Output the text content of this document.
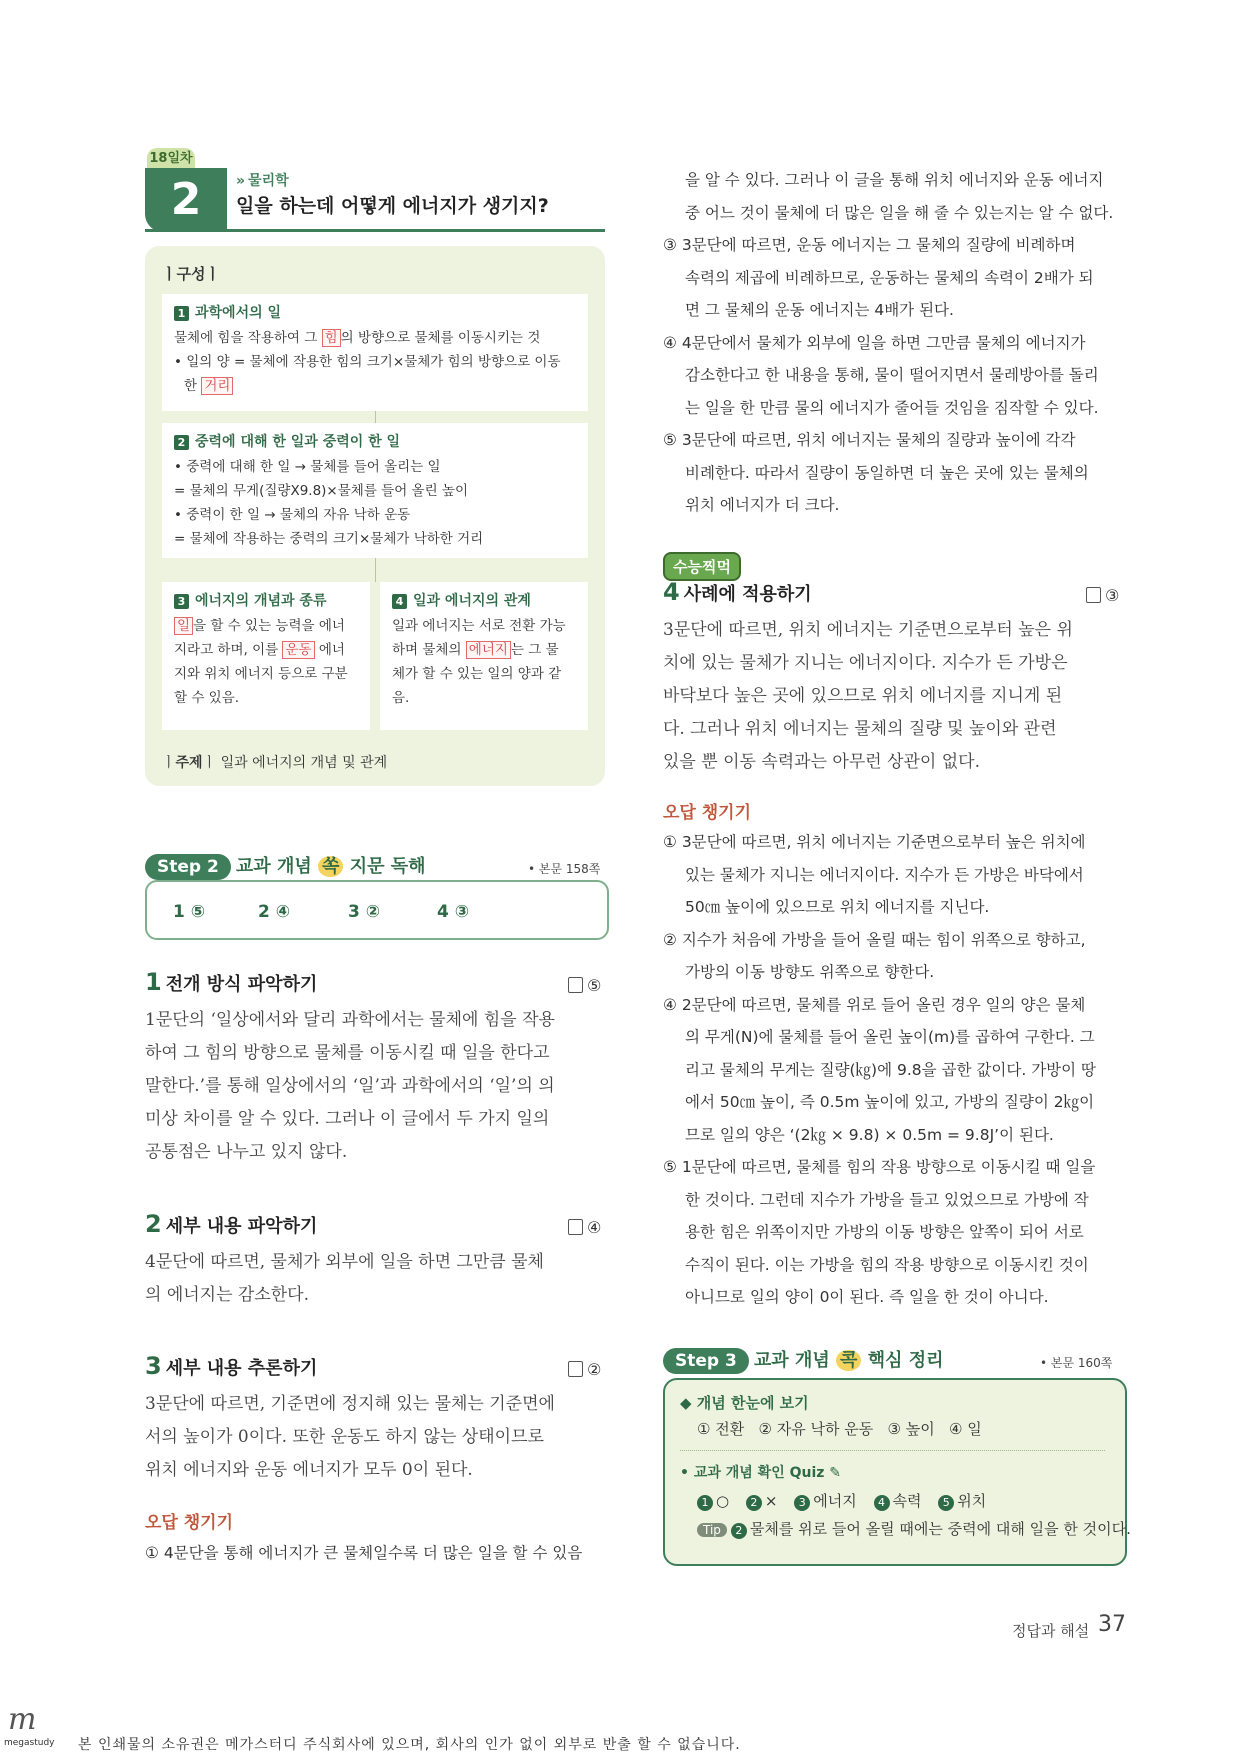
18일차
2	» 물리학
일을 하는데 어떻게 에너지가 생기지?
ㅣ구성ㅣ
1 과학에서의 일

물체에 힘을 작용하여 그 힘 의 방향으로 물체를 이동시키는 것

• 일의 양 = 물체에 작용한 힘의 크기×물체가 힘의 방향으로 이동

한 거리

2 중력에 대해 한 일과 중력이 한 일

• 중력에 대해 한 일 → 물체를 들어 올리는 일

= 물체의 무게(질량X9.8)×물체를 들어 올린 높이

• 중력이 한 일 → 물체의 자유 낙하 운동

= 물체에 작용하는 중력의 크기×물체가 낙하한 거리

3 에너지의 개념과 종류

일 을 할 수 있는 능력을 에너

지라고 하며, 이를 운동 에너

지와 위치 에너지 등으로 구분

할 수 있음.

4 일과 에너지의 관계

일과 에너지는 서로 전환 가능

하며 물체의 에너지 는 그 물

체가 할 수 있는 일의 양과 같

음.

ㅣ주제ㅣ 일과 에너지의 개념 및 관계
Step 2 교과 개념 쏙 지문 독해	• 본문 158쪽
1 ⑤	2 ④	3 ②	4 ③
1 전개 방식 파악하기	⑤
1문단의 ‘일상에서와 달리 과학에서는 물체에 힘을 작용
하여 그 힘의 방향으로 물체를 이동시킬 때 일을 한다고
말한다.’를 통해 일상에서의 ‘일’과 과학에서의 ‘일’의 의
미상 차이를 알 수 있다. 그러나 이 글에서 두 가지 일의
공통점은 나누고 있지 않다.
2 세부 내용 파악하기	④
4문단에 따르면, 물체가 외부에 일을 하면 그만큼 물체
의 에너지는 감소한다.
3 세부 내용 추론하기	②
3문단에 따르면, 기준면에 정지해 있는 물체는 기준면에
서의 높이가 0이다. 또한 운동도 하지 않는 상태이므로
위치 에너지와 운동 에너지가 모두 0이 된다.
오답 챙기기
① 4문단을 통해 에너지가 큰 물체일수록 더 많은 일을 할 수 있음
을 알 수 있다. 그러나 이 글을 통해 위치 에너지와 운동 에너지
중 어느 것이 물체에 더 많은 일을 해 줄 수 있는지는 알 수 없다.
③ 3문단에 따르면, 운동 에너지는 그 물체의 질량에 비례하며
속력의 제곱에 비례하므로, 운동하는 물체의 속력이 2배가 되
면 그 물체의 운동 에너지는 4배가 된다.
④ 4문단에서 물체가 외부에 일을 하면 그만큼 물체의 에너지가
감소한다고 한 내용을 통해, 물이 떨어지면서 물레방아를 돌리
는 일을 한 만큼 물의 에너지가 줄어들 것임을 짐작할 수 있다.
⑤ 3문단에 따르면, 위치 에너지는 물체의 질량과 높이에 각각
비례한다. 따라서 질량이 동일하면 더 높은 곳에 있는 물체의
위치 에너지가 더 크다.
수능찍먹
4 사례에 적용하기	③
3문단에 따르면, 위치 에너지는 기준면으로부터 높은 위
치에 있는 물체가 지니는 에너지이다. 지수가 든 가방은
바닥보다 높은 곳에 있으므로 위치 에너지를 지니게 된
다. 그러나 위치 에너지는 물체의 질량 및 높이와 관련
있을 뿐 이동 속력과는 아무런 상관이 없다.
오답 챙기기
① 3문단에 따르면, 위치 에너지는 기준면으로부터 높은 위치에
있는 물체가 지니는 에너지이다. 지수가 든 가방은 바닥에서
50㎝ 높이에 있으므로 위치 에너지를 지닌다.
② 지수가 처음에 가방을 들어 올릴 때는 힘이 위쪽으로 향하고,
가방의 이동 방향도 위쪽으로 향한다.
④ 2문단에 따르면, 물체를 위로 들어 올린 경우 일의 양은 물체
의 무게(N)에 물체를 들어 올린 높이(m)를 곱하여 구한다. 그
리고 물체의 무게는 질량(㎏)에 9.8을 곱한 값이다. 가방이 땅
에서 50㎝ 높이, 즉 0.5m 높이에 있고, 가방의 질량이 2㎏이
므로 일의 양은 ‘(2㎏ × 9.8) × 0.5m = 9.8J’이 된다.
⑤ 1문단에 따르면, 물체를 힘의 작용 방향으로 이동시킬 때 일을
한 것이다. 그런데 지수가 가방을 들고 있었으므로 가방에 작
용한 힘은 위쪽이지만 가방의 이동 방향은 앞쪽이 되어 서로
수직이 된다. 이는 가방을 힘의 작용 방향으로 이동시킨 것이
아니므로 일의 양이 0이 된다. 즉 일을 한 것이 아니다.
Step 3 교과 개념 콕 핵심 정리	• 본문 160쪽
◆ 개념 한눈에 보기
① 전환   ② 자유 낙하 운동   ③ 높이   ④ 일
• 교과 개념 확인 Quiz ✎
1 ○ 2 × 3 에너지 4 속력 5 위치
Tip 2 물체를 위로 들어 올릴 때에는 중력에 대해 일을 한 것이다.
정답과 해설 37
m
megastudy 본 인쇄물의 소유권은 메가스터디 주식회사에 있으며, 회사의 인가 없이 외부로 반출 할 수 없습니다.
